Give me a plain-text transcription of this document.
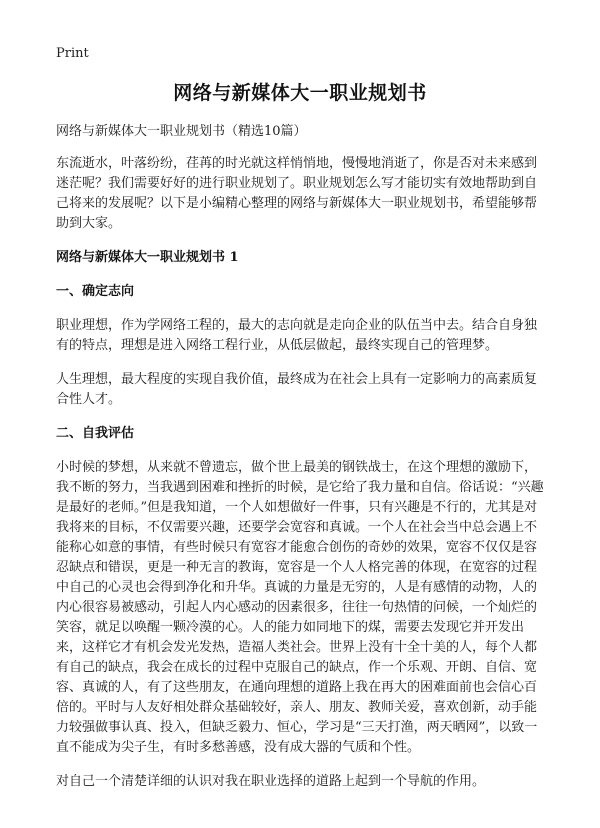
Print
网络与新媒体大一职业规划书

网络与新媒体大一职业规划书（精选10篇）

东流逝水，叶落纷纷，荏苒的时光就这样悄悄地，慢慢地消逝了，你是否对未来感到迷茫呢？我们需要好好的进行职业规划了。职业规划怎么写才能切实有效地帮助到自己将来的发展呢？以下是小编精心整理的网络与新媒体大一职业规划书，希望能够帮助到大家。

网络与新媒体大一职业规划书 1
一、确定志向

职业理想，作为学网络工程的，最大的志向就是走向企业的队伍当中去。结合自身独有的特点，理想是进入网络工程行业，从低层做起，最终实现自己的管理梦。

人生理想，最大程度的实现自我价值，最终成为在社会上具有一定影响力的高素质复合性人才。

二、自我评估

小时候的梦想，从来就不曾遗忘，做个世上最美的钢铁战士，在这个理想的激励下，我不断的努力，当我遇到困难和挫折的时候，是它给了我力量和自信。俗话说：“兴趣是最好的老师。”但是我知道，一个人如想做好一件事，只有兴趣是不行的，尤其是对我将来的目标，不仅需要兴趣，还要学会宽容和真诚。一个人在社会当中总会遇上不能称心如意的事情，有些时候只有宽容才能愈合创伤的奇妙的效果，宽容不仅仅是容忍缺点和错误，更是一种无言的教诲，宽容是一个人人格完善的体现，在宽容的过程中自己的心灵也会得到净化和升华。真诚的力量是无穷的，人是有感情的动物，人的内心很容易被感动，引起人内心感动的因素很多，往往一句热情的问候，一个灿烂的笑容，就足以唤醒一颗冷漠的心。人的能力如同地下的煤，需要去发现它并开发出来，这样它才有机会发光发热，造福人类社会。世界上没有十全十美的人，每个人都有自己的缺点，我会在成长的过程中克服自己的缺点，作一个乐观、开朗、自信、宽容、真诚的人，有了这些朋友，在通向理想的道路上我在再大的困难面前也会信心百倍的。平时与人友好相处群众基础较好，亲人、朋友、教师关爱，喜欢创新，动手能力较强做事认真、投入，但缺乏毅力、恒心，学习是“三天打渔，两天晒网”，以致一直不能成为尖子生，有时多愁善感，没有成大器的气质和个性。

对自己一个清楚详细的认识对我在职业选择的道路上起到一个导航的作用。
